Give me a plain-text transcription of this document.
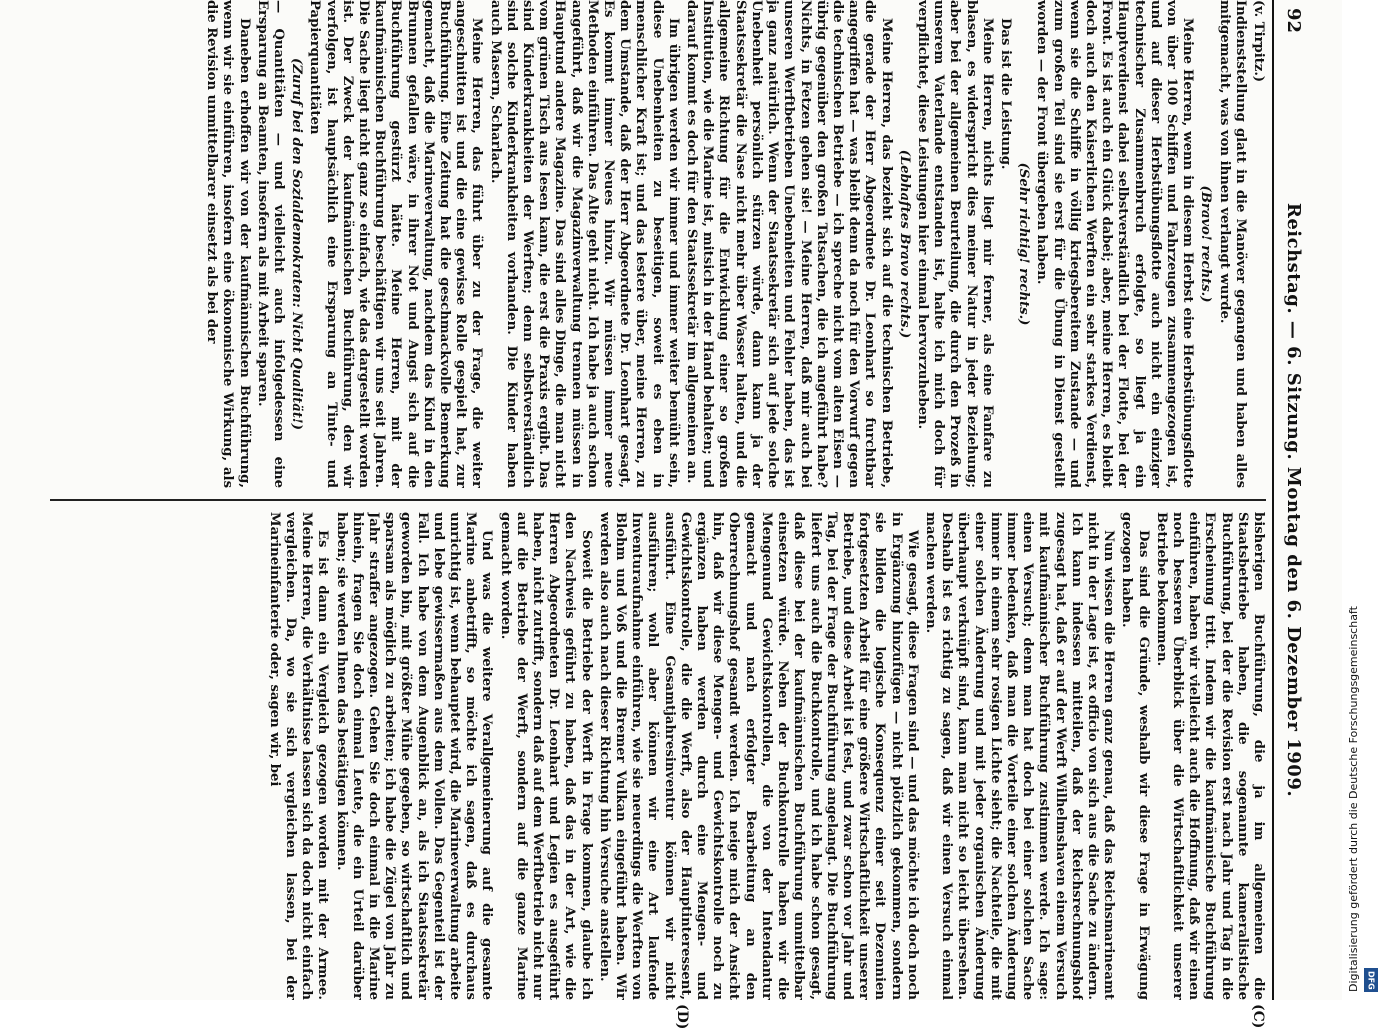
92
Reichstag. — 6. Sitzung. Montag den 6. Dezember 1909.
(C)
(D)

(v. Tirpitz.)

Indienststellung glatt in die Manöver gegangen und haben alles mitgemacht, was von ihnen verlangt wurde.

(Bravo! rechts.)

Meine Herren, wenn in diesem Herbst eine Herbstübungsflotte von über 100 Schiffen und Fahrzeugen zusammengezogen ist, und auf dieser Herbstübungsflotte auch nicht ein einziger technischer Zusammenbruch erfolgte, so liegt ja ein Hauptverdienst dabei selbstverständlich bei der Flotte, bei der Front. Es ist auch ein Glück dabei; aber, meine Herren, es bleibt doch auch den Kaiserlichen Werften ein sehr starkes Verdienst, wenn sie die Schiffe in völlig kriegsbereitem Zustande — und zum großen Teil sind sie erst für die Übung in Dienst gestellt worden — der Front übergeben haben.

(Sehr richtig! rechts.)

Das ist die Leistung.

Meine Herren, nichts liegt mir ferner, als eine Fanfare zu blasen, es widerspricht dies meiner Natur in jeder Beziehung; aber bei der allgemeinen Beurteilung, die durch den Prozeß in unserem Vaterlande entstanden ist, halte ich mich doch für verpflichtet, diese Leistungen hier einmal hervorzuheben.

(Lebhaftes Bravo rechts.)

Meine Herren, das bezieht sich auf die technischen Betriebe, die gerade der Herr Abgeordnete Dr. Leonhart so furchtbar angegriffen hat — was bleibt denn da noch für den Vorwurf gegen die technischen Betriebe — ich spreche nicht vom alten Eisen — übrig gegenüber den großen Tatsachen, die ich angeführt habe? Nichts, in Fetzen gehen sie! — Meine Herren, daß mir auch bei unseren Werftbetrieben Unebenheiten und Fehler haben, das ist ja ganz natürlich. Wenn der Staatssekretär sich auf jede solche Unebenheit persönlich stürzen würde, dann kann ja der Staatssekretär die Nase nicht mehr über Wasser halten, und die allgemeine Richtung für die Entwicklung einer so großen Institution, wie die Marine ist, mitsich in der Hand behalten; und darauf kommt es doch für den Staatssekretär im allgemeinen an.

Im übrigen werden wir immer und immer weiter bemüht sein, diese Unebenheiten zu beseitigen, soweit es eben in menschlicher Kraft ist; und das lestere über, meine Herren, zu dem Umstande, daß der Herr Abgeordnete Dr. Leonhart gesagt, Es kommt immer Neues hinzu. Wir müssen immer neue Methoden einführen. Das Alte geht nicht. Ich habe ja auch schon angeführt, daß wir die Magazinverwaltung trennen müssen in Hauptund andere Magazine. Das sind alles Dinge, die man nicht vom grünen Tisch aus lesen kann, die erst die Praxis ergibt. Das sind Kinderkrankheiten der Werften; denn selbstverständlich sind solche Kinderkrankheiten vorhanden. Die Kinder haben auch Masern, Scharlach.

Meine Herren, das führt über zu der Frage, die weiter angeschnitten ist und die eine gewisse Rolle gespielt hat, zur Buchführung. Eine Zeitung hat die geschmackvolle Bemerkung gemacht, daß die Marineverwaltung, nachdem das Kind in den Brunnen gefallen wäre, in ihrer Not und Angst sich auf die Buchführung gestürzt hätte. Meine Herren, mit der kaufmännischen Buchführung beschäftigen wir uns seit Jahren. Die Sache liegt nicht ganz so einfach, wie das dargestellt worden ist. Der Zweck der kaufmännischen Buchführung, den wir verfolgen, ist hauptsächlich eine Ersparung an Tinte- und Papierquantitäten

(Zuruf bei den Sozialdemokraten: Nicht Qualität!)

— Quantitäten — und vielleicht auch infolgedessen eine Ersparung an Beamten, insofern als mit Arbeit sparen.

Daneben erhoffen wir von der kaufmännischen Buchführung, wenn wir sie einführen, insofern eine ökonomische Wirkung, als die Revision unmittelbarer einsetzt als bei der

bisherigen Buchführung, die ja im allgemeinen die Staatsbetriebe haben, die sogenannte kameralistische Buchführung, bei der die Revision erst nach Jahr und Tag in die Erscheinung tritt. Indem wir die kaufmännische Buchführung einführen, haben wir vielleicht auch die Hoffnung, daß wir einen noch besseren Überblick über die Wirtschaftlichkeit unserer Betriebe bekommen.

Das sind die Gründe, weshalb wir diese Frage in Erwägung gezogen haben.

Nun wissen die Herren ganz genau, daß das Reichsmarineamt nicht in der Lage ist, ex officio von sich aus die Sache zu ändern. Ich kann indessen mitteilen, daß der Reichsrechnungshof zugesagt hat, daß er auf der Werft Wilhelmshaven einem Versuch mit kaufmännischer Buchführung zustimmen werde. Ich sage: einen Versuch; denn man hat doch bei einer solchen Sache immer bedenken, daß man die Vorteile einer solchen Änderung immer in einem sehr rosigen Lichte sieht; die Nachteile, die mit einer solchen Änderung und mit jeder organischen Änderung überhaupt verknüpft sind, kann man nicht so leicht übersehen. Deshalb ist es richtig zu sagen, daß wir einen Versuch einmal machen werden.

Wie gesagt, diese Fragen sind — und das möchte ich doch noch in Ergänzung hinzufügen — nicht plötzlich gekommen, sondern sie bilden die logische Konsequenz einer seit Dezennien fortgesetzten Arbeit für eine größere Wirtschaftlichkeit unserer Betriebe, und diese Arbeit ist fest, und zwar schon vor Jahr und Tag, bei der Frage der Buchführung angelangt. Die Buchführung liefert uns auch die Buchkontrolle, und ich habe schon gesagt, daß diese bei der kaufmännischen Buchführung unmittelbar einsetzen würde. Neben der Buchkontrolle haben wir die Mengenund Gewichtskontrollen, die von der Intendantur gemacht und nach erfolgter Bearbeitung an den Oberrechnungshof gesandt werden. Ich neige mich der Ansicht hin, daß wir diese Mengen- und Gewichtskontrolle noch zu ergänzen haben werden durch eine Mengen- und Gewichtskontrolle, die die Werft, also der Hauptinteressent, ausführt. Eine Gesamtjahresinventur können wir nicht ausführen; wohl aber können wir eine Art laufende Inventuraufnahme einführen, wie sie neuerdings die Werften von Blohm und Voß und die Bremer Vulkan eingeführt haben. Wir werden also auch nach dieser Richtung hin Versuche anstellen.

Soweit die Betriebe der Werft in Frage kommen, glaube ich den Nachweis geführt zu haben, daß das in der Art, wie die Herren Abgeordneten Dr. Leonhart und Legien es ausgeführt haben, nicht zutrifft, sondern daß auf dem Werftbetrieb nicht nur auf die Betriebe der Werft, sondern auf die ganze Marine gemacht worden.

Und was die weitere Verallgemeinerung auf die gesamte Marine anbetrifft, so möchte ich sagen, daß es durchaus unrichtig ist, wenn behauptet wird, die Marineverwaltung arbeite und lebe gewissermaßen aus dem Vollen. Das Gegenteil ist der Fall. Ich habe von dem Augenblick an, als ich Staatssekretär geworden bin, mit größter Mühe gegeben, so wirtschaftlich und sparsam als möglich zu arbeiten; ich habe die Zügel von Jahr zu Jahr straffer angezogen. Gehen Sie doch einmal in die Marine hinein, fragen Sie doch einmal Leute, die ein Urteil darüber haben; sie werden Ihnen das bestätigen können.

Es ist dann ein Vergleich gezogen worden mit der Armee. Meine Herren, die Verhältnisse lassen sich da doch nicht einfach vergleichen. Da, wo sie sich vergleichen lassen, bei der Marineinfanterie oder, sagen wir, bei	Digitalisierung gefördert durch die Deutsche Forschungsgemeinschaft DFG
